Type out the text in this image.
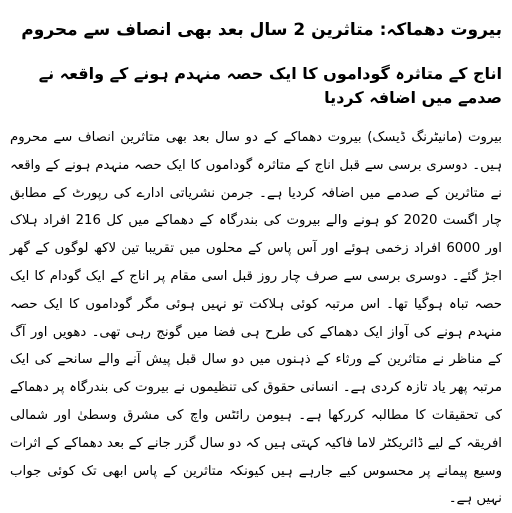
بیروت دھماکہ: متاثرین 2 سال بعد بھی انصاف سے محروم
اناج کے متاثرہ گوداموں کا ایک حصہ منہدم ہونے کے واقعہ نے صدمے میں اضافہ کردیا

بیروت (مانیٹرنگ ڈیسک) بیروت دھماکے کے دو سال بعد بھی متاثرین انصاف سے محروم ہیں۔ دوسری برسی سے قبل اناج کے متاثرہ گوداموں کا ایک حصہ منہدم ہونے کے واقعہ نے متاثرین کے صدمے میں اضافہ کردیا ہے۔ جرمن نشریاتی ادارے کی رپورٹ کے مطابق چار اگست 2020 کو ہونے والے بیروت کی بندرگاہ کے دھماکے میں کل 216 افراد ہلاک اور 6000 افراد زخمی ہوئے اور آس پاس کے محلوں میں تقریبا تین لاکھ لوگوں کے گھر اجڑ گئے۔ دوسری برسی سے صرف چار روز قبل اسی مقام پر اناج کے ایک گودام کا ایک حصہ تباہ ہوگیا تھا۔ اس مرتبہ کوئی ہلاکت تو نہیں ہوئی مگر گوداموں کا ایک حصہ منہدم ہونے کی آواز ایک دھماکے کی طرح ہی فضا میں گونج رہی تھی۔ دھویں اور آگ کے مناظر نے متاثرین کے ورثاء کے ذہنوں میں دو سال قبل پیش آنے والے سانحے کی ایک مرتبہ پھر یاد تازہ کردی ہے۔ انسانی حقوق کی تنظیموں نے بیروت کی بندرگاہ پر دھماکے کی تحقیقات کا مطالبہ کررکھا ہے۔ ہیومن رائٹس واچ کی مشرق وسطیٰ اور شمالی افریقہ کے لیے ڈائریکٹر لاما فاکیہ کہتی ہیں کہ دو سال گزر جانے کے بعد دھماکے کے اثرات وسیع پیمانے پر محسوس کیے جارہے ہیں کیونکہ متاثرین کے پاس ابھی تک کوئی جواب نہیں ہے۔
